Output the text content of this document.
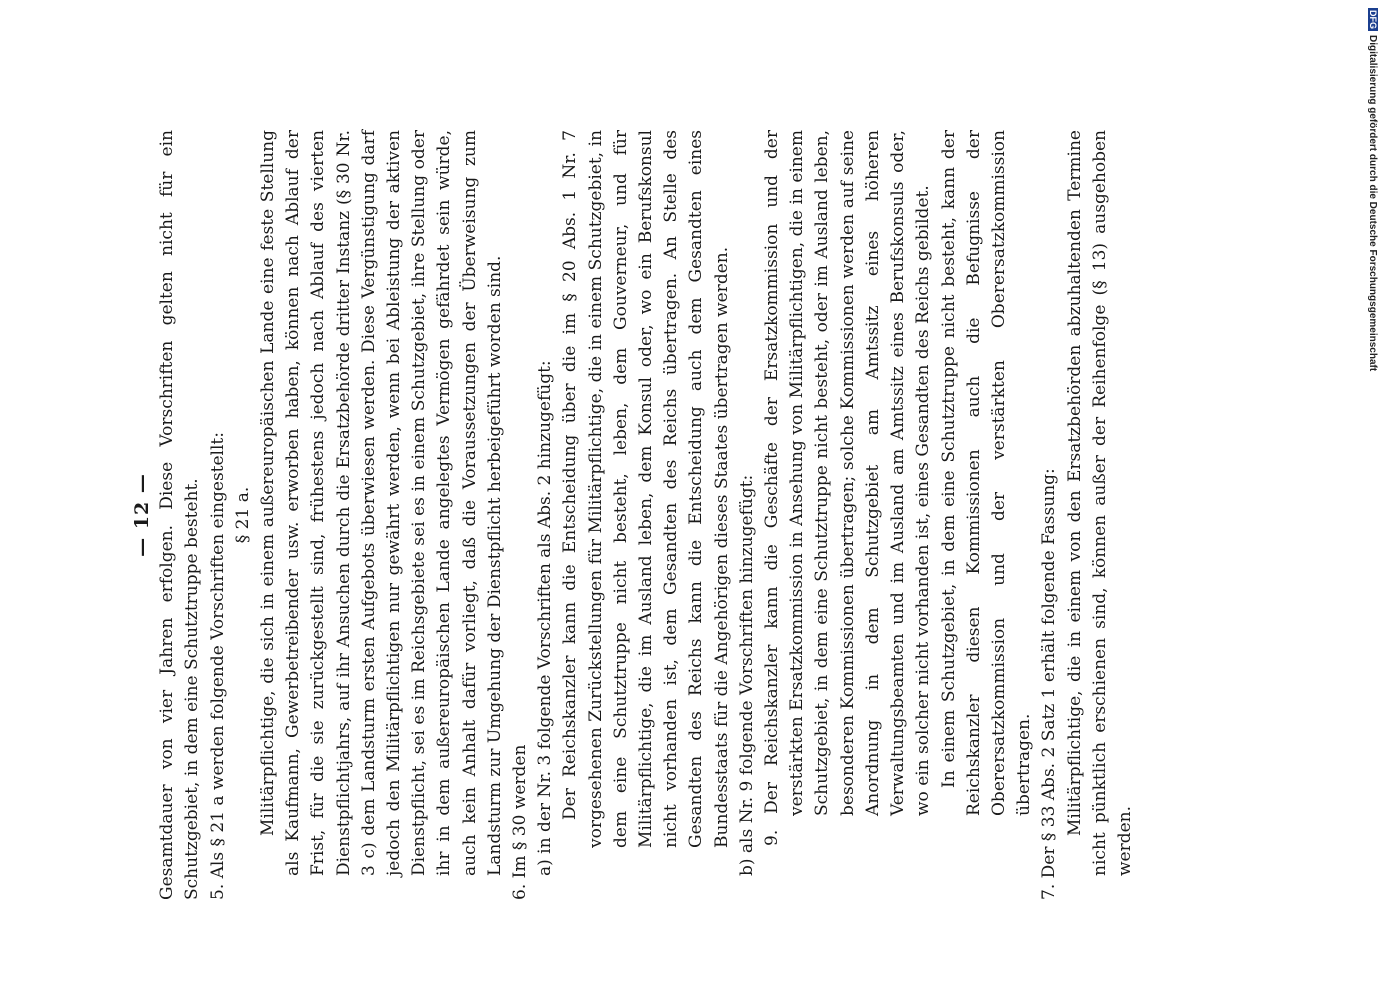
— 12 — Gesamtdauer von vier Jahren erfolgen. Diese Vorschriften gelten nicht für ein Schutzgebiet, in dem eine Schutztruppe besteht. 5. Als § 21 a werden folgende Vorschriften eingestellt: § 21 a. Militärpflichtige, die sich in einem außereuropäischen Lande eine feste Stellung als Kaufmann, Gewerbetreibender usw. erworben haben, können nach Ablauf der Frist, für die sie zurückgestellt sind, frühestens jedoch nach Ablauf des vierten Dienstpflichtjahrs, auf ihr Ansuchen durch die Ersatzbehörde dritter Instanz (§ 30 Nr. 3 c) dem Landsturm ersten Aufgebots überwiesen werden. Diese Vergünstigung darf jedoch den Militärpflichtigen nur gewährt werden, wenn bei Ableistung der aktiven Dienstpflicht, sei es im Reichsgebiete sei es in einem Schutzgebiet, ihre Stellung oder ihr in dem außereuropäischen Lande angelegtes Vermögen gefährdet sein würde, auch kein Anhalt dafür vorliegt, daß die Voraussetzungen der Überweisung zum Landsturm zur Umgehung der Dienstpflicht herbeigeführt worden sind. 6. Im § 30 werden a) in der Nr. 3 folgende Vorschriften als Abs. 2 hinzugefügt: Der Reichskanzler kann die Entscheidung über die im § 20 Abs. 1 Nr. 7 vorgesehenen Zurückstellungen für Militärpflichtige, die in einem Schutzgebiet, in dem eine Schutztruppe nicht besteht, leben, dem Gouverneur, und für Militärpflichtige, die im Ausland leben, dem Konsul oder, wo ein Berufskonsul nicht vorhanden ist, dem Gesandten des Reichs übertragen. An Stelle des Gesandten des Reichs kann die Entscheidung auch dem Gesandten eines Bundesstaats für die Angehörigen dieses Staates übertragen werden. b) als Nr. 9 folgende Vorschriften hinzugefügt: 9. Der Reichskanzler kann die Geschäfte der Ersatzkommission und der verstärkten Ersatzkommission in Ansehung von Militärpflichtigen, die in einem Schutzgebiet, in dem eine Schutztruppe nicht besteht, oder im Ausland leben, besonderen Kommissionen übertragen; solche Kommissionen werden auf seine Anordnung in dem Schutzgebiet am Amtssitz eines höheren Verwaltungsbeamten und im Ausland am Amtssitz eines Berufskonsuls oder, wo ein solcher nicht vorhanden ist, eines Gesandten des Reichs gebildet. In einem Schutzgebiet, in dem eine Schutztruppe nicht besteht, kann der Reichskanzler diesen Kommissionen auch die Befugnisse der Oberersatzkommission und der verstärkten Oberersatzkommission übertragen. 7. Der § 33 Abs. 2 Satz 1 erhält folgende Fassung: Militärpflichtige, die in einem von den Ersatzbehörden abzuhaltenden Termine nicht pünktlich erschienen sind, können außer der Reihenfolge (§ 13) ausgehoben werden.

DFGDigitalisierung gefördert durch die Deutsche Forschungsgemeinschaft
